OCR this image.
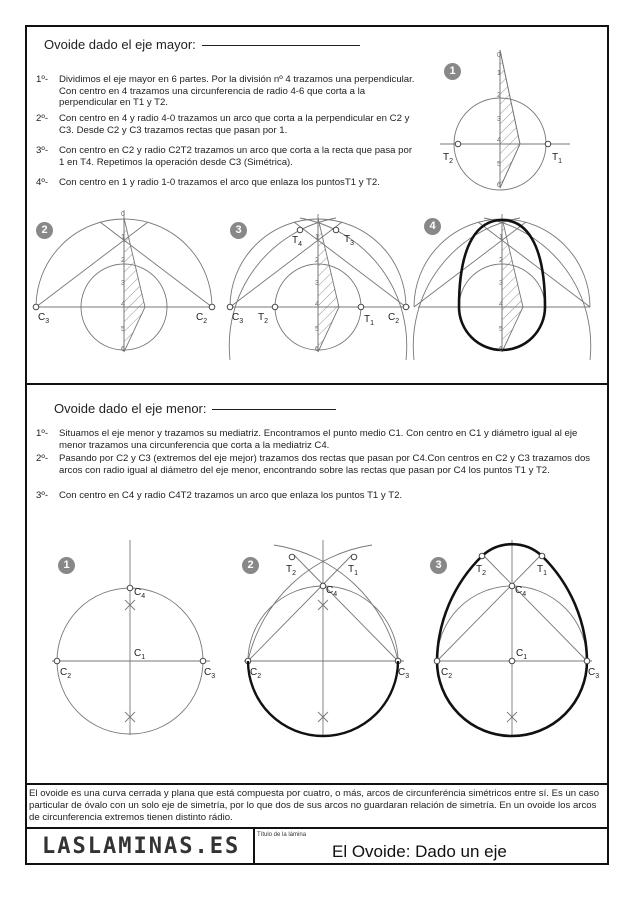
Ovoide dado el eje mayor:
1º-	Dividimos el eje mayor en 6 partes. Por la división nº 4 trazamos una perpendicular. Con centro en 4 trazamos una circunferencia de radio 4-6 que corta a la perpendicular en T1 y T2.
2º-	Con centro en 4 y radio 4-0 trazamos un arco que corta a la perpendicular en C2 y C3. Desde C2 y C3 trazamos rectas que pasan por 1.
3º-	Con centro en C2 y radio C2T2 trazamos un arco que corta a la recta que pasa por 1 en T4. Repetimos la operación desde C3 (Simétrica).
4º-	Con centro en 1 y radio 1-0 trazamos el arco que enlaza los puntosT1 y T2.
Ovoide dado el eje menor:
1º-	Situamos el eje menor y trazamos su mediatriz. Encontramos el punto medio C1. Con centro en C1 y diámetro igual al eje menor trazamos una circunferencia que corta a la mediatriz C4.
2º-	Pasando por C2 y C3 (extremos del eje mejor) trazamos dos rectas que pasan por C4.Con centros en C2 y C3 trazamos dos arcos con radio igual al diámetro del eje menor, encontrando sobre las rectas que pasan por C4 los puntos T1 y T2.
3º-	Con centro en C4 y radio C4T2 trazamos un arco que enlaza los puntos T1 y T2.
1
2	3	4
1	2	3
$T_2$	$T_1$
0
1
2
3
4
5
6
$C_3$	$C_2$
0
1
2
3
4
5
6
$C_3$ $T_2$	$T_1$
$C_2$
$T_4$	$T_3$
1
2
3
4
5
6
1
2
3
4
5
6
$C_4$
$C_1$
$C_2$	$C_3$
$C_4$
$C_2$	$C_3$
$T_2$	$T_1$
$C_4$
$C_1$
$C_2$	$C_3$
$T_2$	$T_1$
El ovoide es una curva cerrada y plana que está compuesta por cuatro, o más, arcos de circunferéncia simétricos entre sí. Es un caso particular de óvalo con un solo eje de simetría, por lo que dos de sus arcos no guardaran relación de simetría. En un ovoide los arcos de circunferencia extremos tienen distinto rádio.
LASLAMINAS.ES	Título de la lámina
El Ovoide: Dado un eje
